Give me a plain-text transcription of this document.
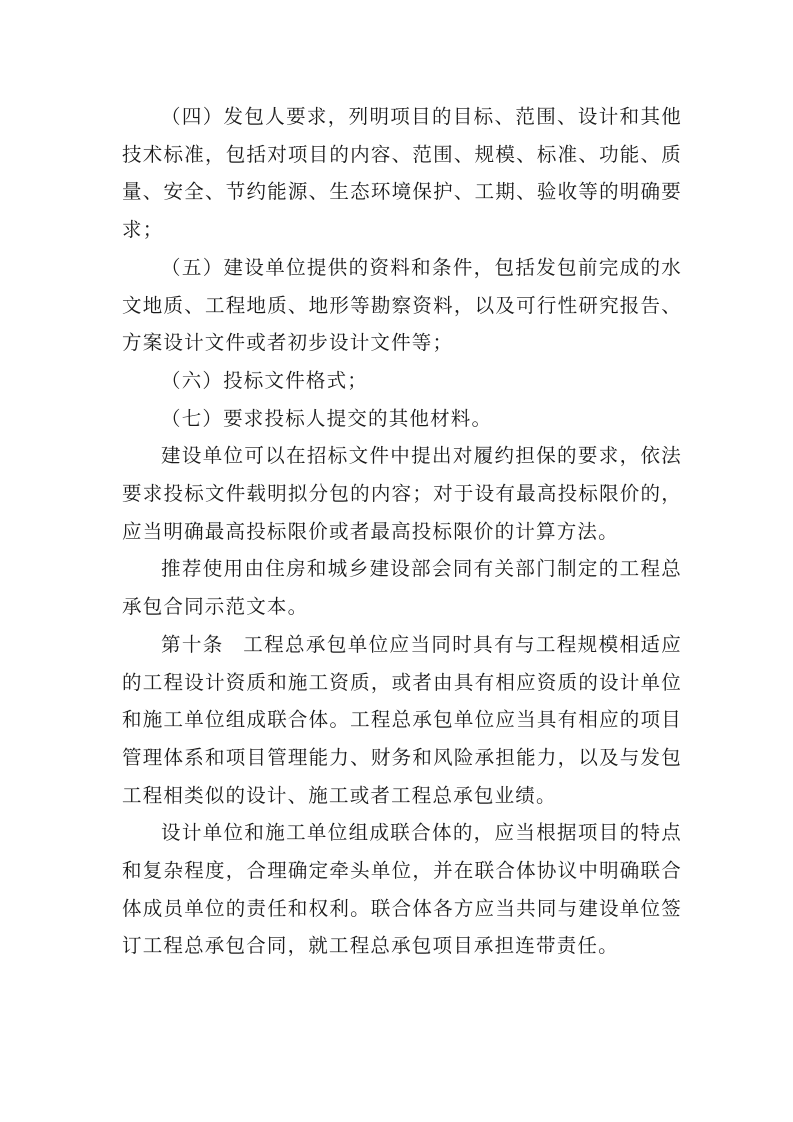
（四）发包人要求，列明项目的目标、范围、设计和其他技术标准，包括对项目的内容、范围、规模、标准、功能、质量、安全、节约能源、生态环境保护、工期、验收等的明确要求；

（五）建设单位提供的资料和条件，包括发包前完成的水文地质、工程地质、地形等勘察资料，以及可行性研究报告、方案设计文件或者初步设计文件等；

（六）投标文件格式；

（七）要求投标人提交的其他材料。

建设单位可以在招标文件中提出对履约担保的要求，依法要求投标文件载明拟分包的内容；对于设有最高投标限价的，应当明确最高投标限价或者最高投标限价的计算方法。

推荐使用由住房和城乡建设部会同有关部门制定的工程总承包合同示范文本。

第十条 工程总承包单位应当同时具有与工程规模相适应的工程设计资质和施工资质，或者由具有相应资质的设计单位和施工单位组成联合体。工程总承包单位应当具有相应的项目管理体系和项目管理能力、财务和风险承担能力，以及与发包工程相类似的设计、施工或者工程总承包业绩。

设计单位和施工单位组成联合体的，应当根据项目的特点和复杂程度，合理确定牵头单位，并在联合体协议中明确联合体成员单位的责任和权利。联合体各方应当共同与建设单位签订工程总承包合同，就工程总承包项目承担连带责任。
